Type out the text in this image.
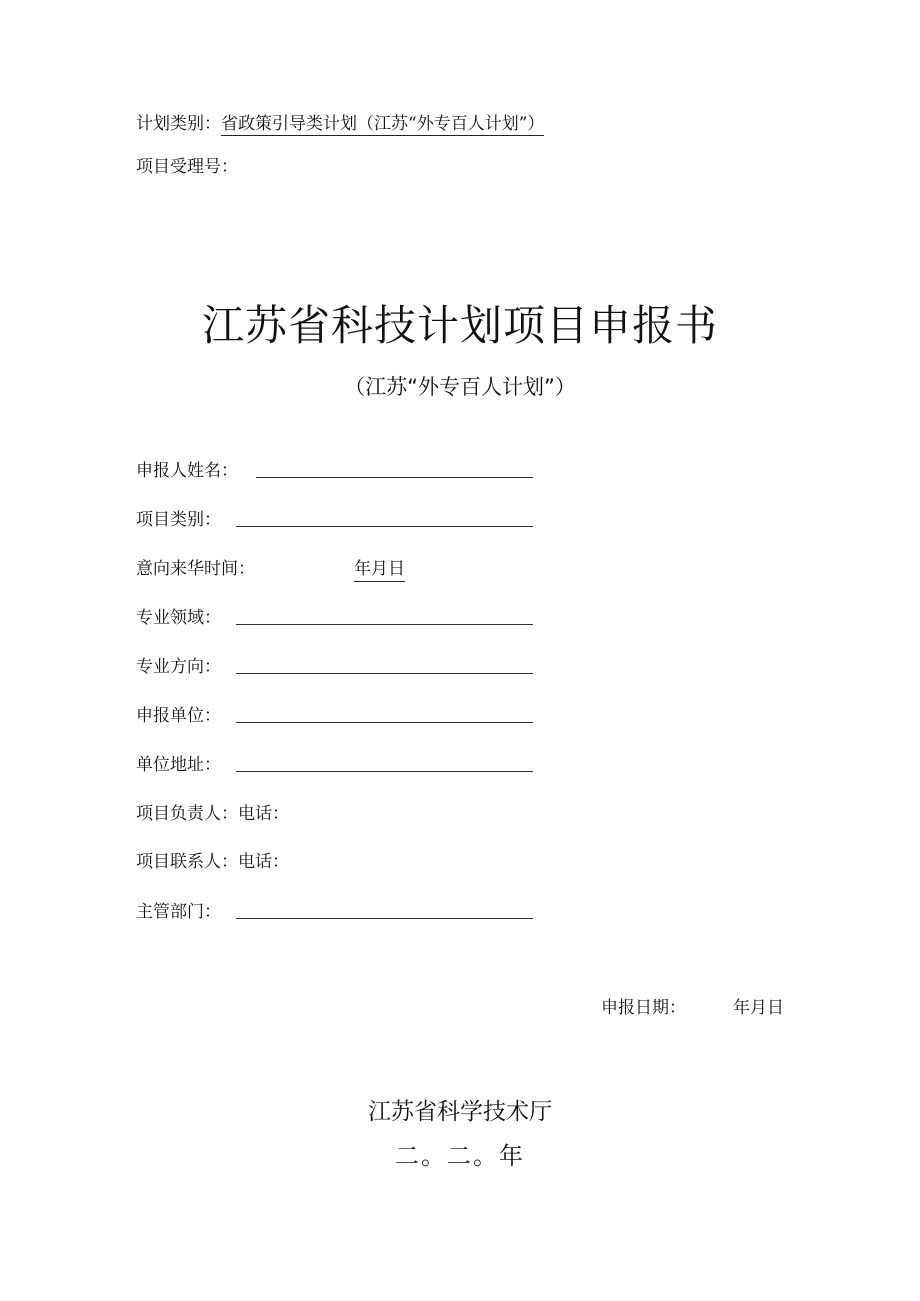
计划类别：省政策引导类计划（江苏“外专百人计划”）
项目受理号：
江苏省科技计划项目申报书
（江苏“外专百人计划”）
申报人姓名：
项目类别：
意向来华时间：	年月日
专业领域：
专业方向：
申报单位：
单位地址：
项目负责人：电话：
项目联系人：电话：
主管部门：
申报日期：	年月日
江苏省科学技术厅
二。二。年
